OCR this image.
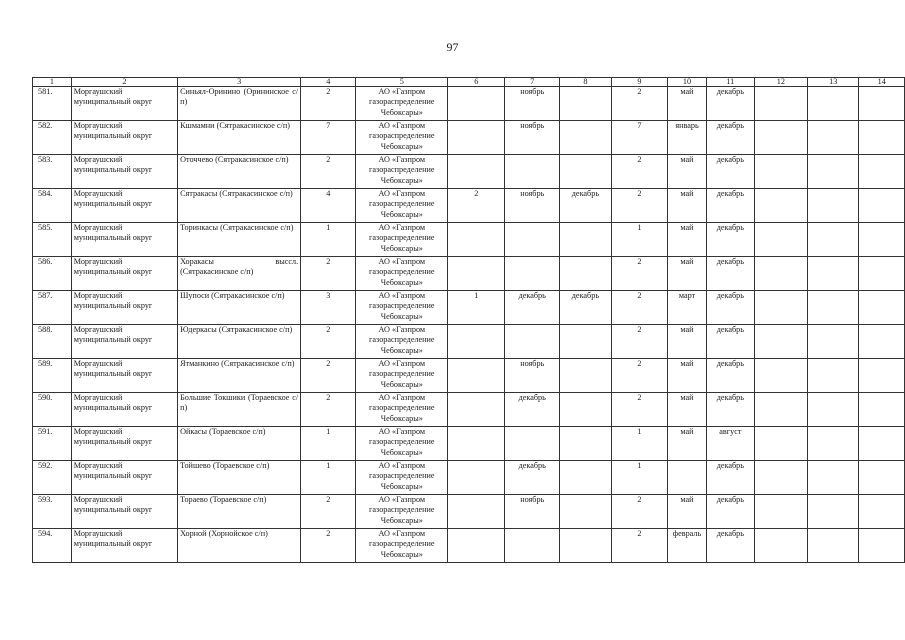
97
1	2	3	4	5	6	7	8	9	10	11	12	13	14
581.	Моргаушский муниципальный округ	Синьял-Оринино (Орининское с/п)	2	АО «Газпром газораспределение Чебоксары»		ноябрь		2	май	декабрь			
582.	Моргаушский муниципальный округ	Кшмамни (Сятракасинское с/п)	7	АО «Газпром газораспределение Чебоксары»		ноябрь		7	январь	декабрь			
583.	Моргаушский муниципальный округ	Оточчево (Сятракасинское с/п)	2	АО «Газпром газораспределение Чебоксары»				2	май	декабрь			
584.	Моргаушский муниципальный округ	Сятракасы (Сятракасинское с/п)	4	АО «Газпром газораспределение Чебоксары»	2	ноябрь	декабрь	2	май	декабрь			
585.	Моргаушский муниципальный округ	Торинкасы (Сятракасинское с/п)	1	АО «Газпром газораспределение Чебоксары»				1	май	декабрь			
586.	Моргаушский муниципальный округ	Хоракасы выссл. (Сятракасинское с/п)	2	АО «Газпром газораспределение Чебоксары»				2	май	декабрь			
587.	Моргаушский муниципальный округ	Шупоси (Сятракасинское с/п)	3	АО «Газпром газораспределение Чебоксары»	1	декабрь	декабрь	2	март	декабрь			
588.	Моргаушский муниципальный округ	Юдеркасы (Сятракасинское с/п)	2	АО «Газпром газораспределение Чебоксары»				2	май	декабрь			
589.	Моргаушский муниципальный округ	Ятманкино (Сятракасинское с/п)	2	АО «Газпром газораспределение Чебоксары»		ноябрь		2	май	декабрь			
590.	Моргаушский муниципальный округ	Большие Токшики (Тораевское с/п)	2	АО «Газпром газораспределение Чебоксары»		декабрь		2	май	декабрь			
591.	Моргаушский муниципальный округ	Ойкасы (Тораевское с/п)	1	АО «Газпром газораспределение Чебоксары»				1	май	август			
592.	Моргаушский муниципальный округ	Тойшево (Тораевское с/п)	1	АО «Газпром газораспределение Чебоксары»		декабрь		1		декабрь			
593.	Моргаушский муниципальный округ	Тораево (Тораевское с/п)	2	АО «Газпром газораспределение Чебоксары»		ноябрь		2	май	декабрь			
594.	Моргаушский муниципальный округ	Хорной (Хорнойское с/п)	2	АО «Газпром газораспределение Чебоксары»				2	февраль	декабрь			
